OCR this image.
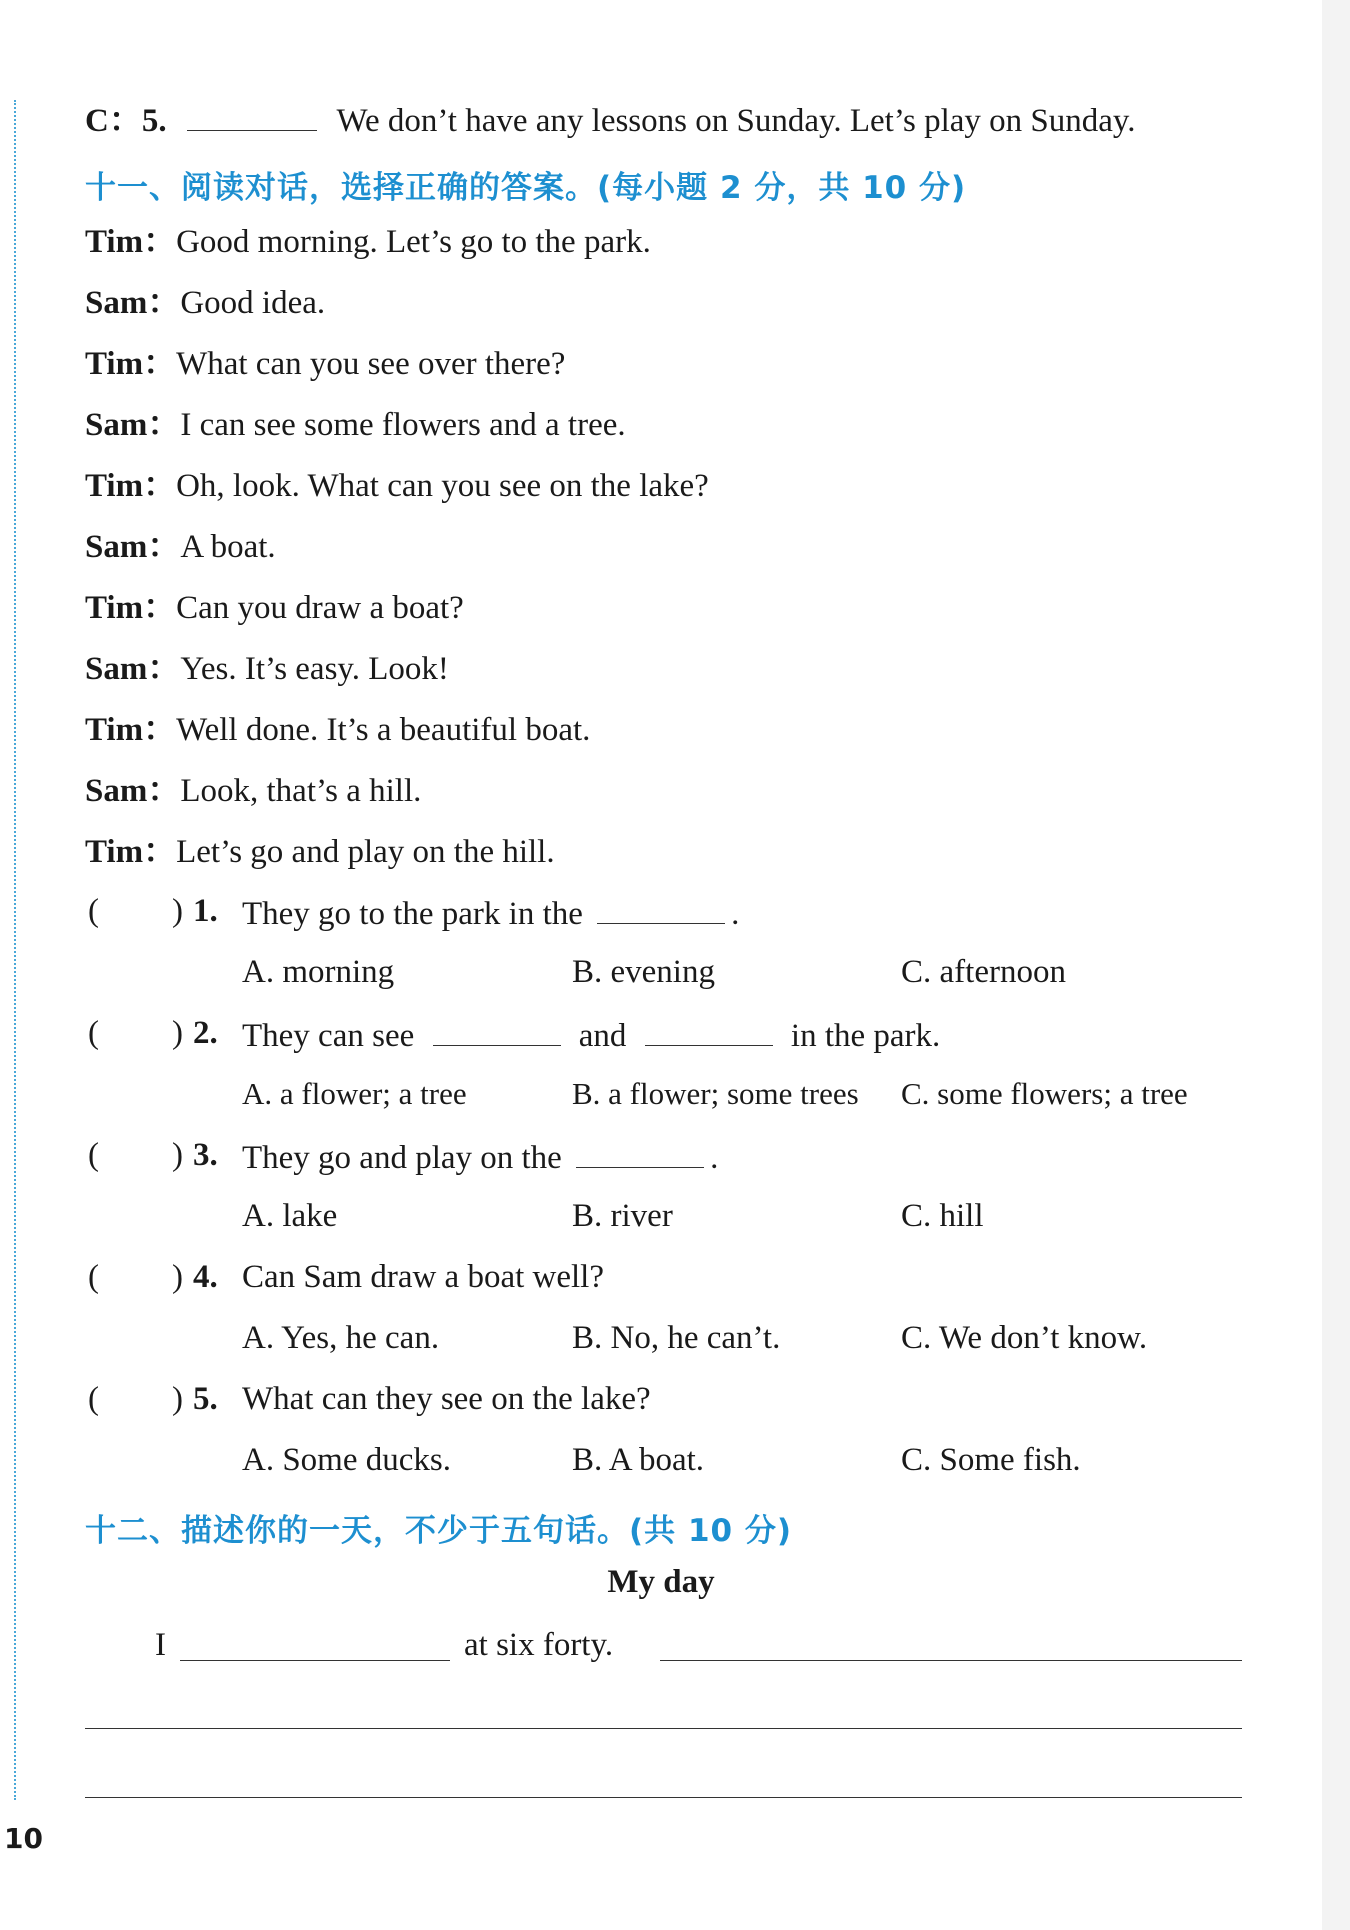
C：5.	We don’t have any lessons on Sunday. Let’s play on Sunday.
十一、阅读对话，选择正确的答案。(每小题 2 分，共 10 分)
Tim：Good morning. Let’s go to the park.
Sam：Good idea.
Tim：What can you see over there?
Sam：I can see some flowers and a tree.
Tim：Oh, look. What can you see on the lake?
Sam：A boat.
Tim：Can you draw a boat?
Sam：Yes. It’s easy. Look!
Tim：Well done. It’s a beautiful boat.
Sam：Look, that’s a hill.
Tim：Let’s go and play on the hill.
( ) 1. They go to the park in the	.
A. morning	B. evening	C. afternoon
( ) 2. They can see	and	in the park.
A. a flower; a tree	B. a flower; some trees C. some flowers; a tree
( ) 3. They go and play on the	.
A. lake	B. river	C. hill
( ) 4. Can Sam draw a boat well?
A. Yes, he can.	B. No, he can’t.	C. We don’t know.
( ) 5. What can they see on the lake?
A. Some ducks.	B. A boat.	C. Some fish.
十二、描述你的一天，不少于五句话。(共 10 分)
My day
I	at six forty.
10
